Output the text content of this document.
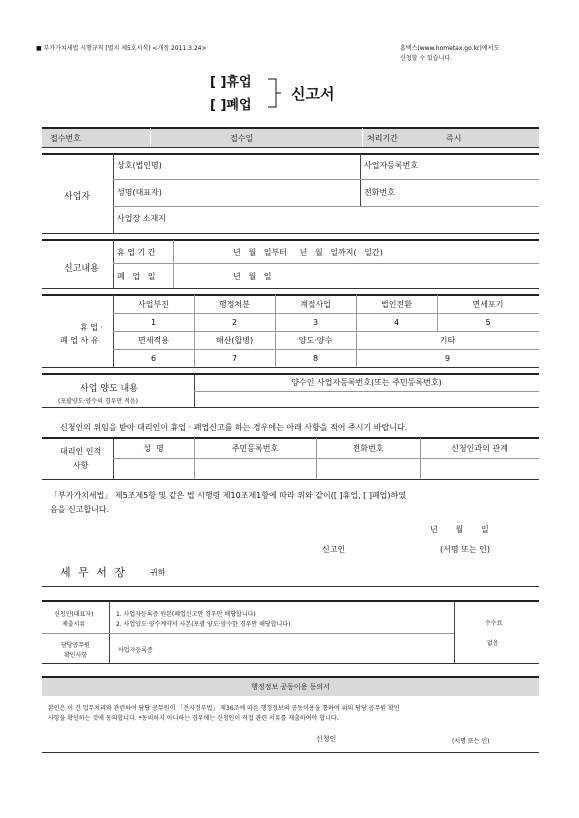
■ 부가가치세법 시행규칙 [별지 제5호서식] <개정 2011.3.24>	홈택스(www.hometax.go.kr)에서도
신청할 수 있습니다.
[ ]휴업
[ ]폐업
신고서
접수번호	접수일	처리기간	즉시
사업자
상호(법인명)	사업자등록번호
성명(대표자)	전화번호
사업장 소재지
신고내용
휴 업 기 간	년   월   일부터     년   월   일까지(   일간)
폐   업   일	년   월   일
휴 업 ·
폐 업 사 유
사업부진	행정처분	계절사업	법인전환	면세포기
1	2	3	4	5
면세적용	해산(합병)	양도·양수	기타
6	7	8	9
사업 양도 내용
(포괄양도·양수의 경우만 적음)
양수인 사업자등록번호(또는 주민등록번호)
신청인의 위임을 받아 대리인이 휴업 · 폐업신고를 하는 경우에는 아래 사항을 적어 주시기 바랍니다.
대리인 인적
사항
성  명	주민등록번호	전화번호	신청인과의 관계
「부가가치세법」 제5조제5항 및 같은 법 시행령 제10조제1항에 따라 위와 같이([ ]휴업, [ ]폐업)하였
음을 신고합니다.
년       월       일
신고인	(서명 또는 인)
세 무 서 장	귀하
신청인(대표자)
제출서류
1. 사업자등록증 원본(폐업신고만 경우만 해당합니다)
2. 사업양도·양수계약서 사본(포괄 양도·양수한 경우만 해당합니다)
담당공무원
확인사항
사업자등록증
수수료
없음
행정정보 공동이용 동의서
본인은 이 건 업무처리와 관련하여 담당 공무원이 「전자정부법」 제36조에 따른 행정정보의 공동이용을 통하여 위의 담당 공무원 확인
사항을 확인하는 것에 동의합니다. *동의하지 아니하는 경우에는 신청인이 직접 관련 서류를 제출하여야 합니다.
신청인	(서명 또는 인)
